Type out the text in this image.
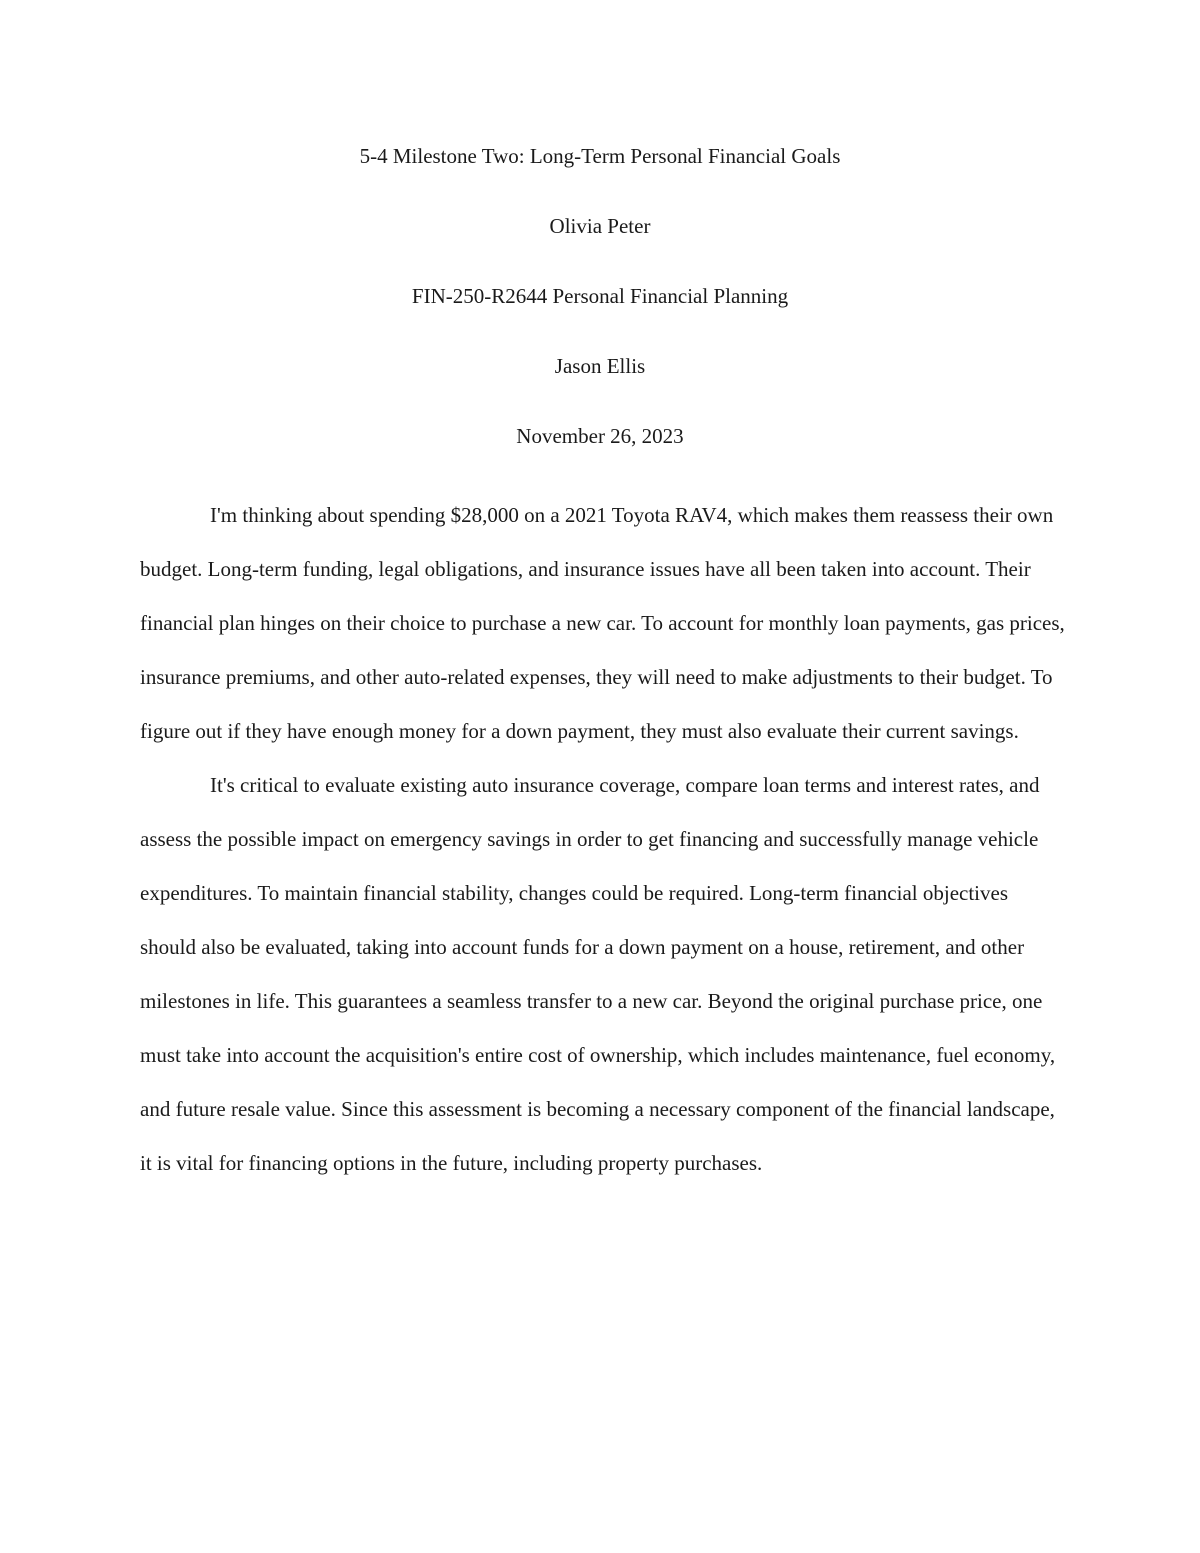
5-4 Milestone Two: Long-Term Personal Financial Goals

Olivia Peter

FIN-250-R2644 Personal Financial Planning

Jason Ellis

November 26, 2023

I'm thinking about spending $28,000 on a 2021 Toyota RAV4, which makes them reassess their own budget. Long-term funding, legal obligations, and insurance issues have all been taken into account. Their financial plan hinges on their choice to purchase a new car. To account for monthly loan payments, gas prices, insurance premiums, and other auto-related expenses, they will need to make adjustments to their budget. To figure out if they have enough money for a down payment, they must also evaluate their current savings.

It's critical to evaluate existing auto insurance coverage, compare loan terms and interest rates, and assess the possible impact on emergency savings in order to get financing and successfully manage vehicle expenditures. To maintain financial stability, changes could be required. Long-term financial objectives should also be evaluated, taking into account funds for a down payment on a house, retirement, and other milestones in life. This guarantees a seamless transfer to a new car. Beyond the original purchase price, one must take into account the acquisition's entire cost of ownership, which includes maintenance, fuel economy, and future resale value. Since this assessment is becoming a necessary component of the financial landscape, it is vital for financing options in the future, including property purchases.
